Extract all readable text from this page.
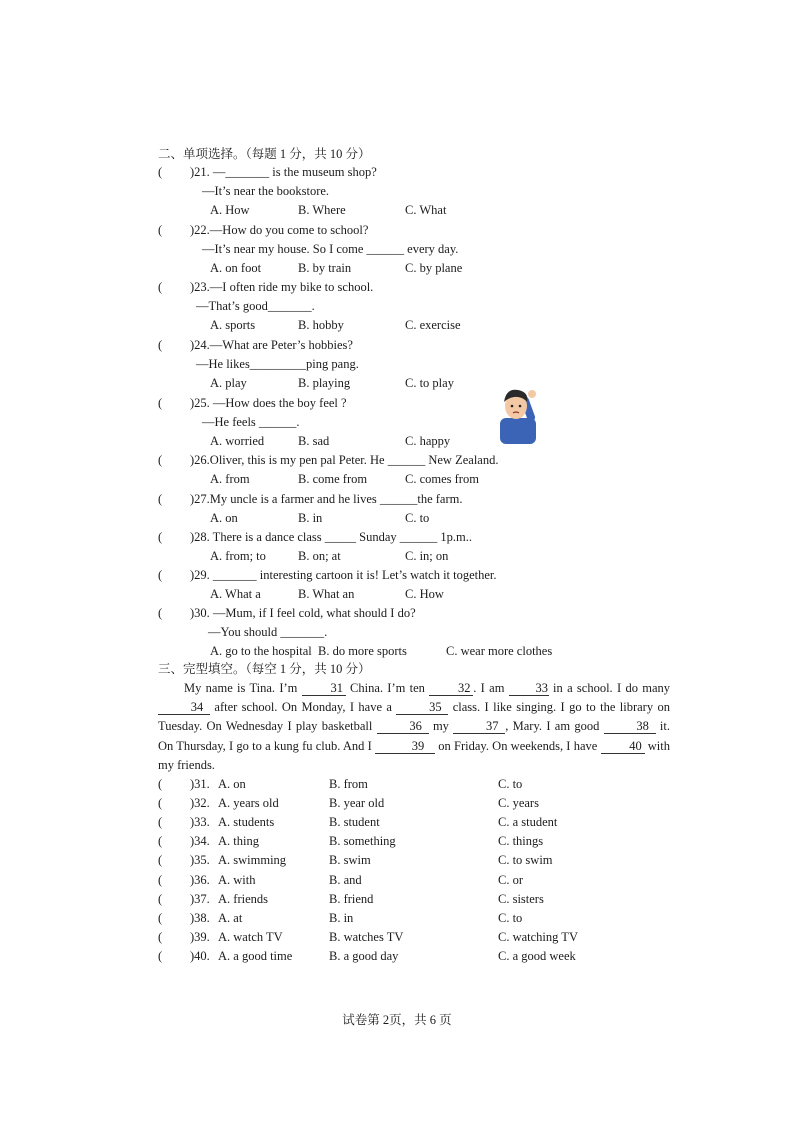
二、单项选择。（每题 1 分，共 10 分）
( )21. —_______ is the museum shop?
—It’s near the bookstore.
A. How	B. Where	C. What
( )22.—How do you come to school?
—It’s near my house. So I come ______ every day.
A. on foot	B. by train	C. by plane
( )23.—I often ride my bike to school.
—That’s good_______.
A. sports	B. hobby	C. exercise
( )24.—What are Peter’s hobbies?
—He likes_________ping pang.
A. play	B. playing	C. to play
( )25. —How does the boy feel ?
—He feels ______.
A. worried	B. sad	C. happy
( )26.Oliver, this is my pen pal Peter. He ______ New Zealand.
A. from	B. come from	C. comes from
( )27.My uncle is a farmer and he lives ______the farm.
A. on	B. in	C. to
( )28. There is a dance class _____ Sunday ______ 1p.m..
A. from; to	B. on; at	C. in; on
( )29. _______ interesting cartoon it is! Let’s watch it together.
A. What a	B. What an	C. How
( )30. —Mum, if I feel cold, what should I do?
—You should _______.
A. go to the hospital B. do more sports	C. wear more clothes
三、完型填空。（每空 1 分，共 10 分）
My name is Tina. I’m 31 China. I’m ten 32 . I am 33 in a school. I do many 34 after school. On Monday, I have a	35 class. I like singing. I go to the library on Tuesday. On Wednesday I play basketball	36 my	37 , Mary. I am good	38 it. On Thursday, I go to a kung fu club. And I	39 on Friday. On weekends, I have 40 with my friends.
( )31. A. on	B. from	C. to
( )32. A. years old	B. year old	C. years
( )33. A. students	B. student	C. a student
( )34. A. thing	B. something	C. things
( )35. A. swimming	B. swim	C. to swim
( )36. A. with	B. and	C. or
( )37. A. friends	B. friend	C. sisters
( )38. A. at	B. in	C. to
( )39. A. watch TV	B. watches TV	C. watching TV
( )40. A. a good time	B. a good day	C. a good week
试卷第 2页，共 6 页
